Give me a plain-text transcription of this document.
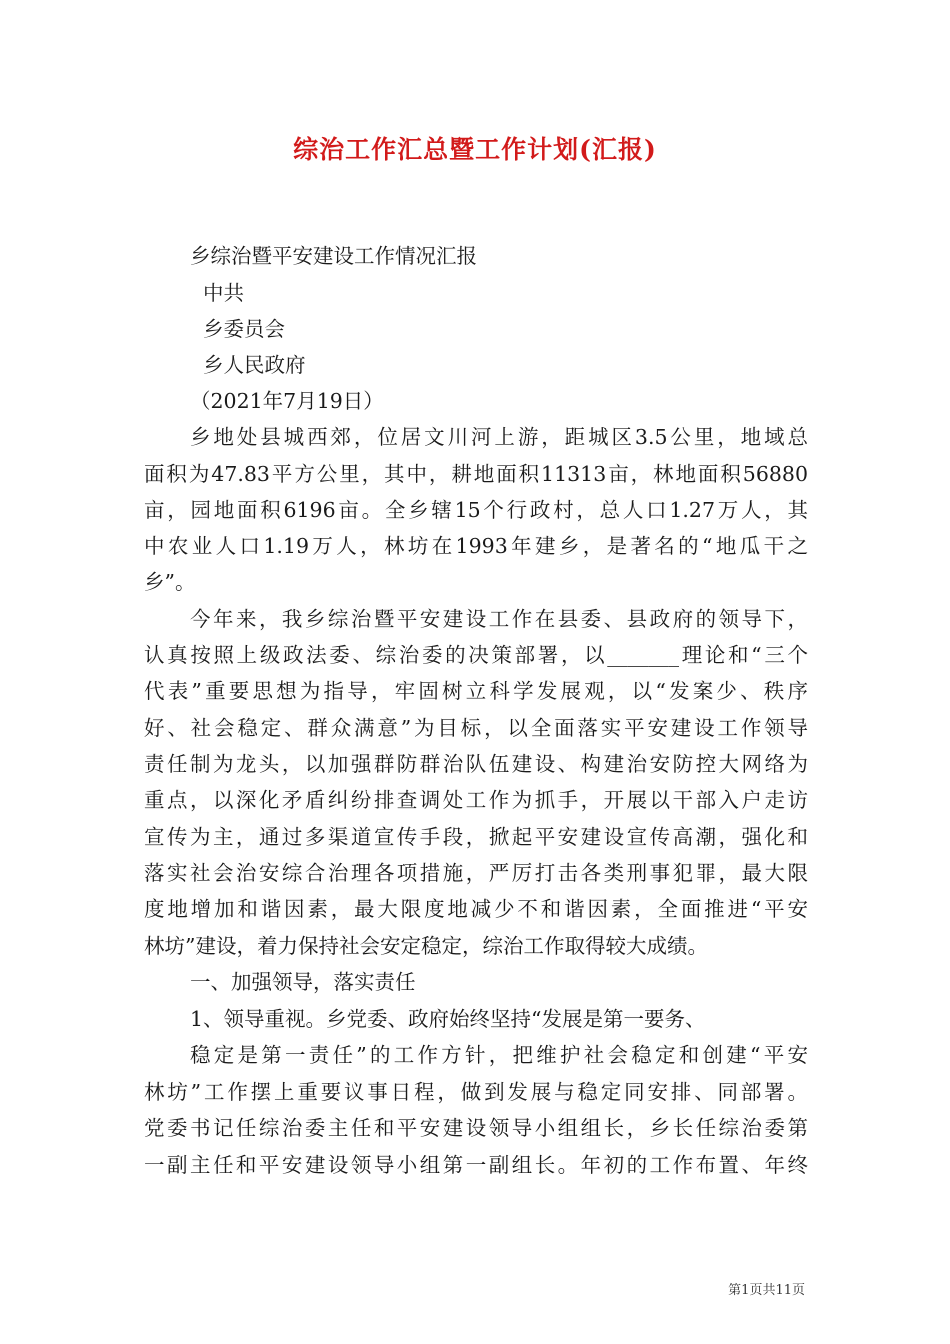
综治工作汇总暨工作计划(汇报)
乡综治暨平安建设工作情况汇报
中共
乡委员会
乡人民政府
（2021年7月19日）
乡地处县城西郊，位居文川河上游，距城区3.5公里，地域总
面积为47.83平方公里，其中，耕地面积11313亩，林地面积56880
亩，园地面积6196亩。全乡辖15个行政村，总人口1.27万人，其
中农业人口1.19万人，林坊在1993年建乡，是著名的“地瓜干之
乡”。
今年来，我乡综治暨平安建设工作在县委、县政府的领导下，
认真按照上级政法委、综治委的决策部署，以_______理论和“三个
代表”重要思想为指导，牢固树立科学发展观，以“发案少、秩序
好、社会稳定、群众满意”为目标，以全面落实平安建设工作领导
责任制为龙头，以加强群防群治队伍建设、构建治安防控大网络为
重点，以深化矛盾纠纷排查调处工作为抓手，开展以干部入户走访
宣传为主，通过多渠道宣传手段，掀起平安建设宣传高潮，强化和
落实社会治安综合治理各项措施，严厉打击各类刑事犯罪，最大限
度地增加和谐因素，最大限度地减少不和谐因素，全面推进“平安
林坊”建设，着力保持社会安定稳定，综治工作取得较大成绩。
一、加强领导，落实责任
1、领导重视。乡党委、政府始终坚持“发展是第一要务、
稳定是第一责任”的工作方针，把维护社会稳定和创建“平安
林坊”工作摆上重要议事日程，做到发展与稳定同安排、同部署。
党委书记任综治委主任和平安建设领导小组组长，乡长任综治委第
一副主任和平安建设领导小组第一副组长。年初的工作布置、年终
第1页共11页
